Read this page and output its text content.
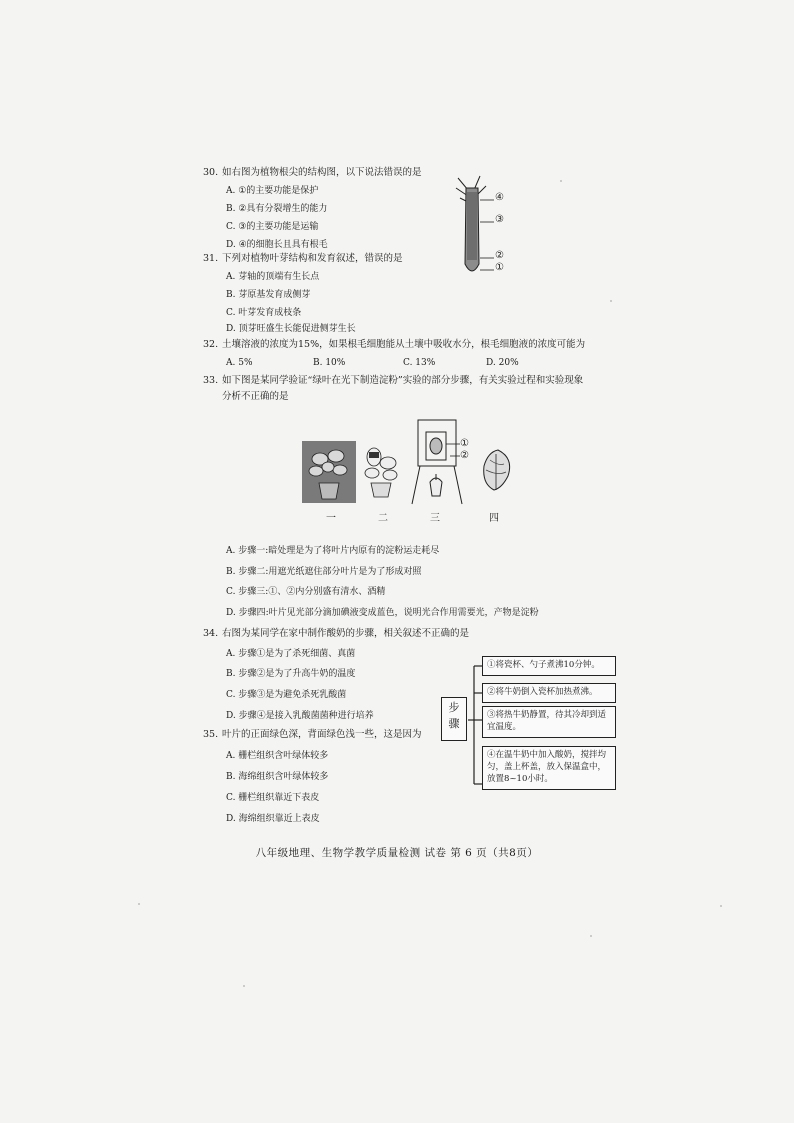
30. 如右图为植物根尖的结构图，以下说法错误的是
A. ①的主要功能是保护
B. ②具有分裂增生的能力
C. ③的主要功能是运输
D. ④的细胞长且具有根毛
④
③
②
①
31. 下列对植物叶芽结构和发育叙述，错误的是
A. 芽轴的顶端有生长点
B. 芽原基发育成侧芽
C. 叶芽发育成枝条
D. 顶芽旺盛生长能促进侧芽生长
32. 土壤溶液的浓度为15%，如果根毛细胞能从土壤中吸收水分，根毛细胞液的浓度可能为
A. 5%	B. 10%	C. 13%	D. 20%
33. 如下图是某同学验证“绿叶在光下制造淀粉”实验的部分步骤，有关实验过程和实验现象
分析不正确的是
①
②
一	二	三	四
A. 步骤一:暗处理是为了将叶片内原有的淀粉运走耗尽
B. 步骤二:用遮光纸遮住部分叶片是为了形成对照
C. 步骤三:①、②内分别盛有清水、酒精
D. 步骤四:叶片见光部分滴加碘液变成蓝色，说明光合作用需要光，产物是淀粉
34. 右图为某同学在家中制作酸奶的步骤，相关叙述不正确的是
A. 步骤①是为了杀死细菌、真菌
B. 步骤②是为了升高牛奶的温度
C. 步骤③是为避免杀死乳酸菌
D. 步骤④是接入乳酸菌菌种进行培养
步骤
①将瓷杯、勺子煮沸10分钟。
②将牛奶倒入瓷杯加热煮沸。
③将热牛奶静置，待其冷却到适宜温度。
④在温牛奶中加入酸奶，搅拌均匀，盖上杯盖，放入保温盒中，放置8~10小时。
35. 叶片的正面绿色深，背面绿色浅一些，这是因为
A. 栅栏组织含叶绿体较多
B. 海绵组织含叶绿体较多
C. 栅栏组织靠近下表皮
D. 海绵组织靠近上表皮
八年级地理、生物学教学质量检测 试卷 第 6 页（共8页）
